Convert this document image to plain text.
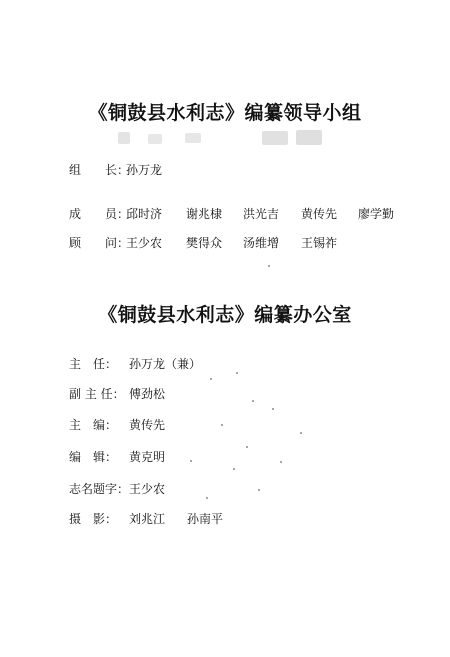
《铜鼓县水利志》编纂领导小组
组 长：
孙万龙
成 员：
邱时济 谢兆棣 洪光吉 黄传先 廖学勤
顾 问：
王少农 樊得众 汤维增 王锡祚
《铜鼓县水利志》编纂办公室
主　任： 孙万龙（兼）
副 主 任： 傅劲松
主　编： 黄传先
编　辑： 黄克明
志名题字： 王少农
摄　影： 刘兆江 孙南平
